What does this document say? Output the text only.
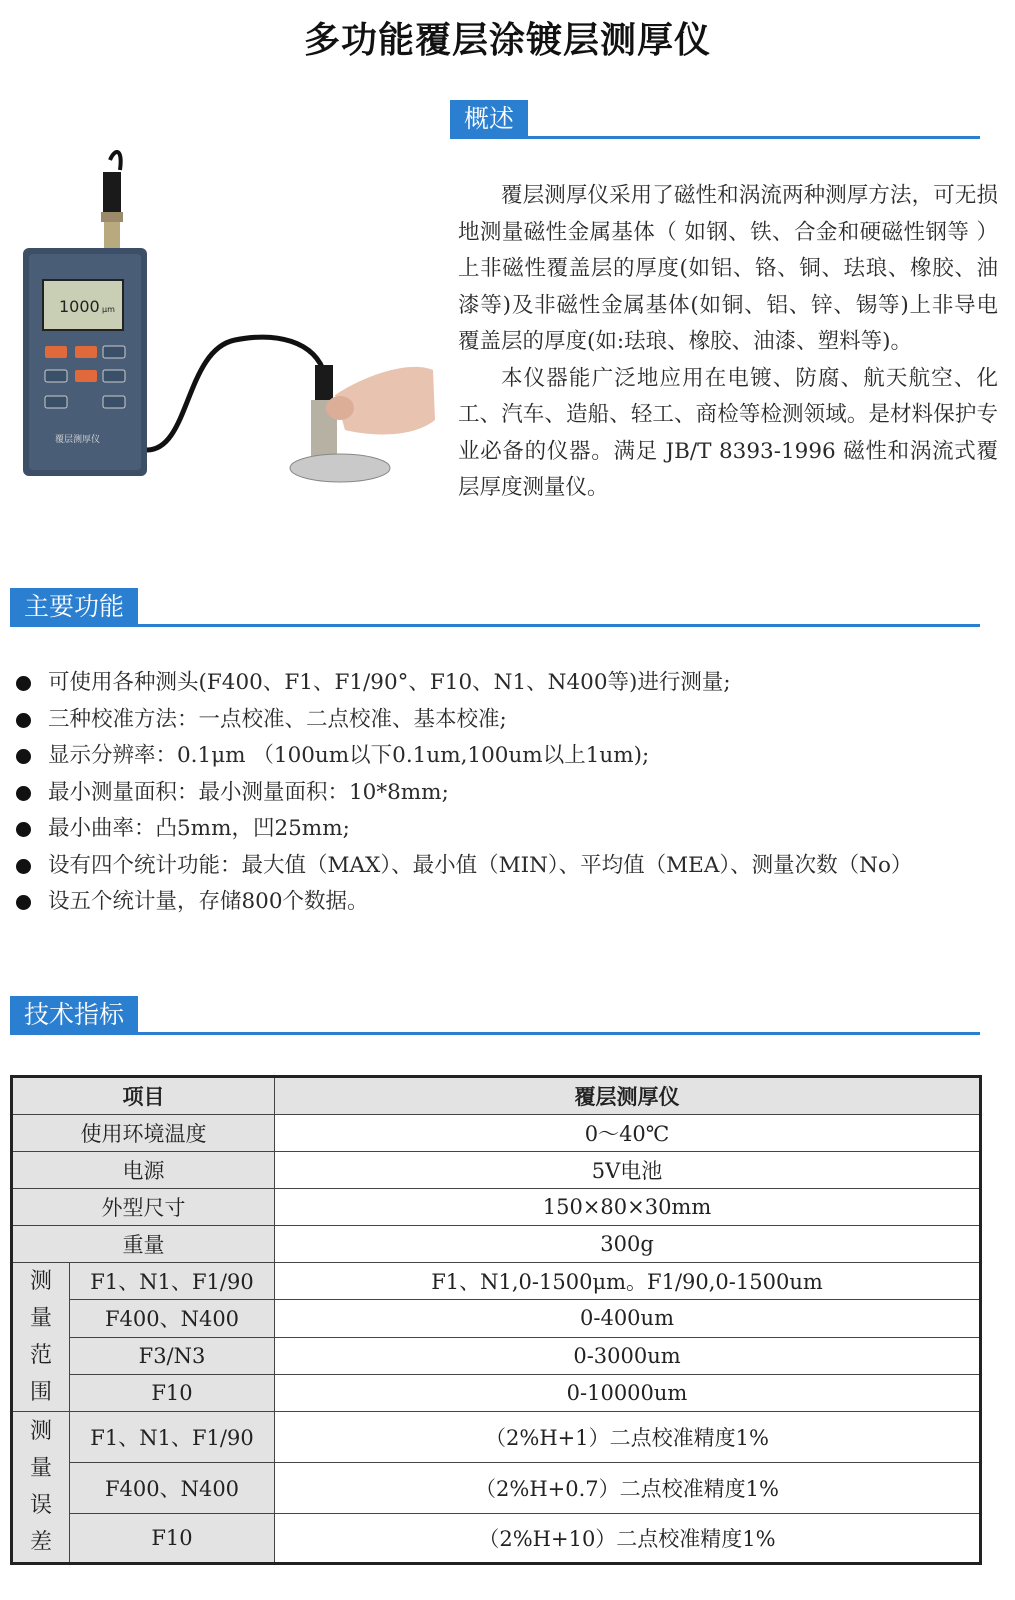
多功能覆层涂镀层测厚仪
概述
1000 μm
覆层测厚仪

覆层测厚仪采用了磁性和涡流两种测厚方法，可无损地测量磁性金属基体（ 如钢、铁、合金和硬磁性钢等 ）上非磁性覆盖层的厚度(如铝、铬、铜、珐琅、橡胶、油漆等)及非磁性金属基体(如铜、铝、锌、锡等)上非导电覆盖层的厚度(如:珐琅、橡胶、油漆、塑料等)。

本仪器能广泛地应用在电镀、防腐、航天航空、化工、汽车、造船、轻工、商检等检测领域。是材料保护专业必备的仪器。满足 JB/T 8393-1996 磁性和涡流式覆层厚度测量仪。

主要功能
可使用各种测头(F400、F1、F1/90°、F10、N1、N400等)进行测量;
三种校准方法：一点校准、二点校准、基本校准;
显示分辨率：0.1μm （100um以下0.1um,100um以上1um);
最小测量面积：最小测量面积：10*8mm;
最小曲率：凸5mm，凹25mm;
设有四个统计功能：最大值（MAX）、最小值（MIN）、平均值（MEA）、测量次数（No）
设五个统计量，存储800个数据。
技术指标
项目		覆层测厚仪
使用环境温度		0～40℃
电源		5V电池
外型尺寸		150×80×30mm
重量		300g

测
量
范
围	F1、N1、F1/90	F1、N1,0-1500μm。F1/90,0-1500um
	F400、N400	0-400um
	F3/N3	0-3000um
	F10	0-10000um

测
量
误
差	F1、N1、F1/90	（2%H+1）二点校准精度1%
	F400、N400	（2%H+0.7）二点校准精度1%
	F10	（2%H+10）二点校准精度1%
